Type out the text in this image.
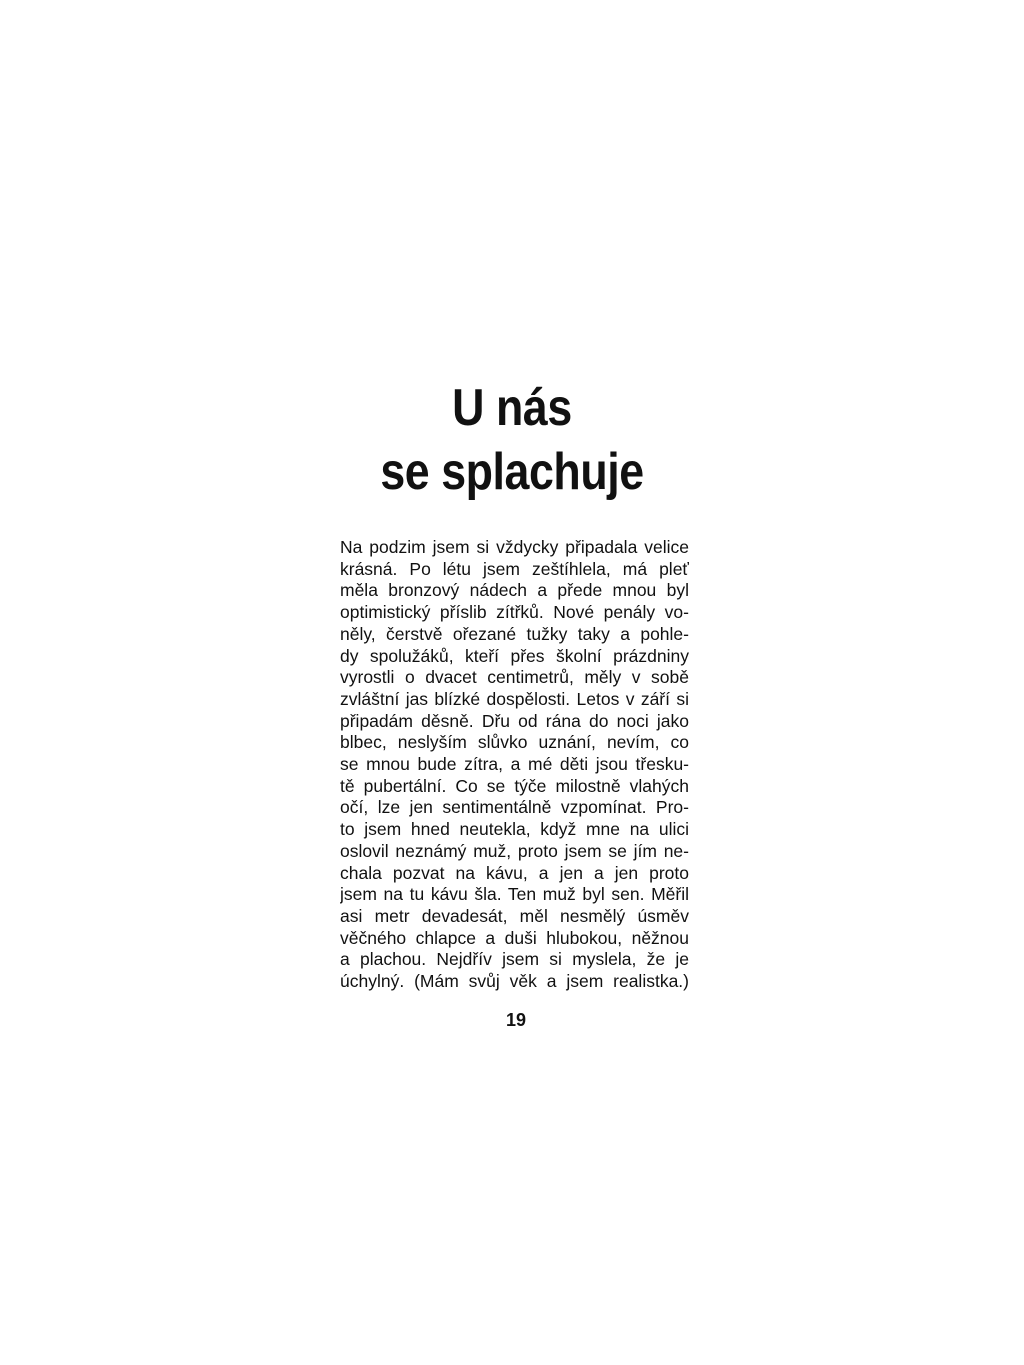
U nás
se splachuje
Na podzim jsem si vždycky připadala velice
krásná. Po létu jsem zeštíhlela, má pleť
měla bronzový nádech a přede mnou byl
optimistický příslib zítřků. Nové penály vo-
něly, čerstvě ořezané tužky taky a pohle-
dy spolužáků, kteří přes školní prázdniny
vyrostli o dvacet centimetrů, měly v sobě
zvláštní jas blízké dospělosti. Letos v září si
připadám děsně. Dřu od rána do noci jako
blbec, neslyším slůvko uznání, nevím, co
se mnou bude zítra, a mé děti jsou třesku-
tě pubertální. Co se týče milostně vlahých
očí, lze jen sentimentálně vzpomínat. Pro-
to jsem hned neutekla, když mne na ulici
oslovil neznámý muž, proto jsem se jím ne-
chala pozvat na kávu, a jen a jen proto
jsem na tu kávu šla. Ten muž byl sen. Měřil
asi metr devadesát, měl nesmělý úsměv
věčného chlapce a duši hlubokou, něžnou
a plachou. Nejdřív jsem si myslela, že je
úchylný. (Mám svůj věk a jsem realistka.)
19
